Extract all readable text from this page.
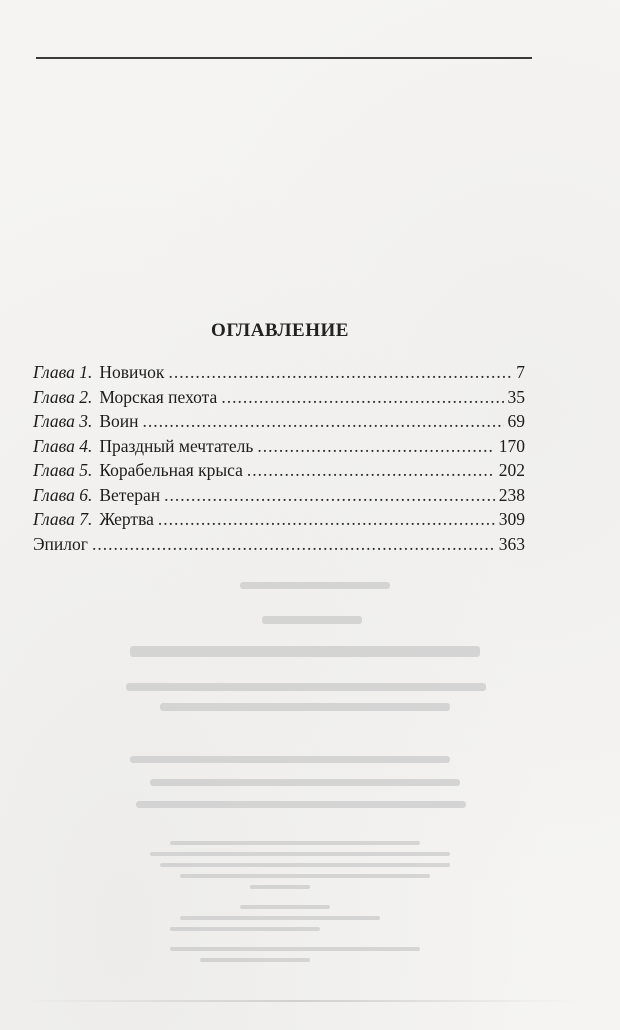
ОГЛАВЛЕНИЕ
Глава 1. Новичок .....	7
Глава 2. Морская пехота .....	35
Глава 3. Воин .....	69
Глава 4. Праздный мечтатель .....	170
Глава 5. Корабельная крыса .....	202
Глава 6. Ветеран .....	238
Глава 7. Жертва .....	309
Эпилог .....	363
